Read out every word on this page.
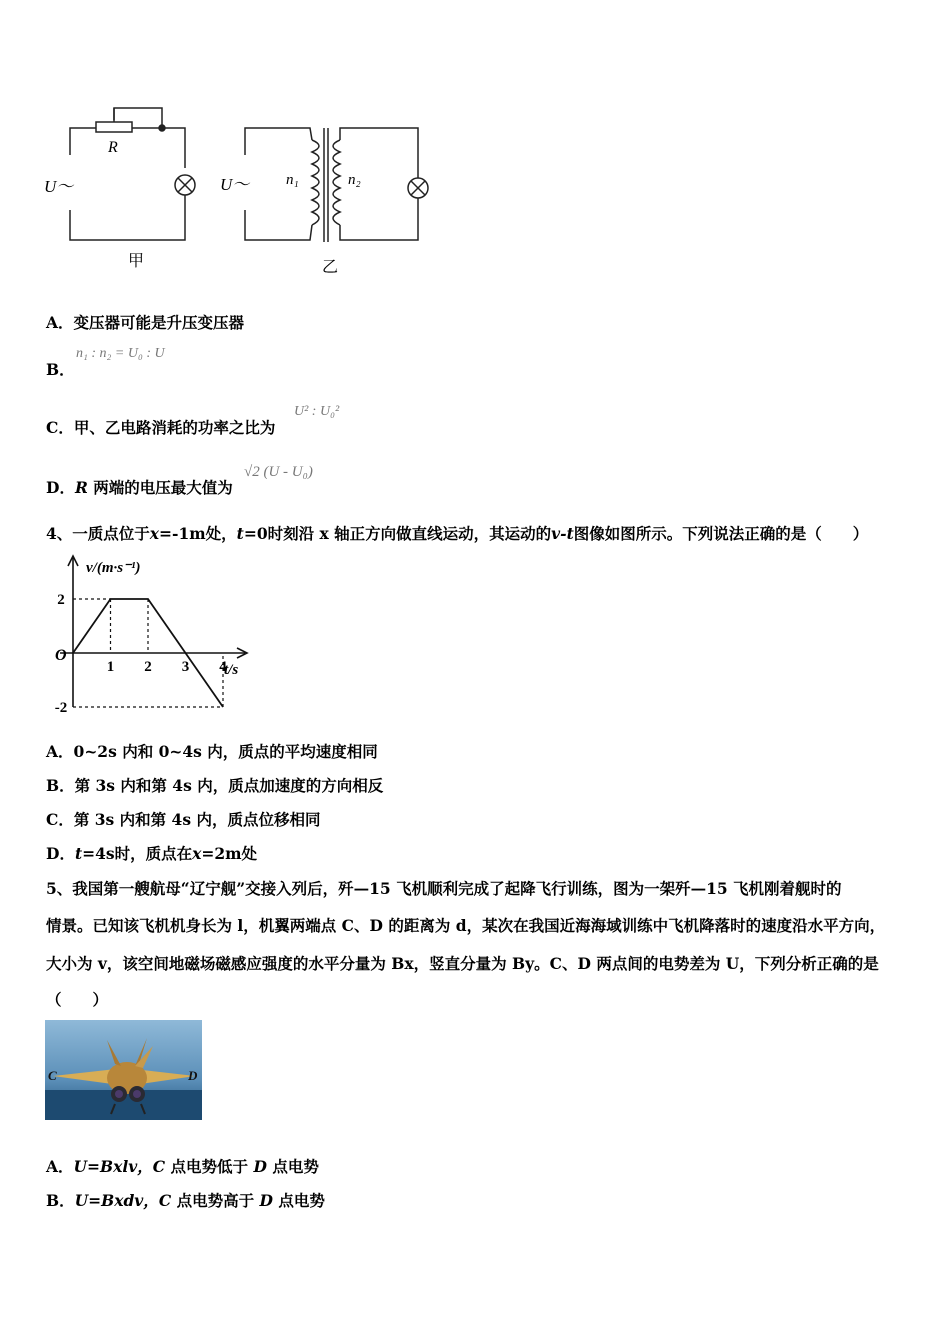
R
U～	U～ n₁	n₂
甲	乙
A．变压器可能是升压变压器
B．
n₁ : n₂ = U₀ : U
C．甲、乙电路消耗的功率之比为
U² : U₀²
D．R 两端的电压最大值为
√2 (U - U₀)
4、一质点位于x=-1m处，t=0时刻沿 x 轴正方向做直线运动，其运动的v-t图像如图所示。下列说法正确的是（　　）
v/(m·s⁻¹)
t/s
O
1 2 3 4
2
-2
A．0~2s 内和 0~4s 内，质点的平均速度相同
B．第 3s 内和第 4s 内，质点加速度的方向相反
C．第 3s 内和第 4s 内，质点位移相同
D．t=4s时，质点在x=2m处
5、我国第一艘航母“辽宁舰”交接入列后，歼—15 飞机顺利完成了起降飞行训练，图为一架歼—15 飞机刚着舰时的
情景。已知该飞机机身长为 l，机翼两端点 C、D 的距离为 d，某次在我国近海海域训练中飞机降落时的速度沿水平方向，
大小为 v，该空间地磁场磁感应强度的水平分量为 Bx，竖直分量为 By。C、D 两点间的电势差为 U，下列分析正确的是
（　　）
C	D
A．U=Bxlv，C 点电势低于 D 点电势
B．U=Bxdv，C 点电势高于 D 点电势
